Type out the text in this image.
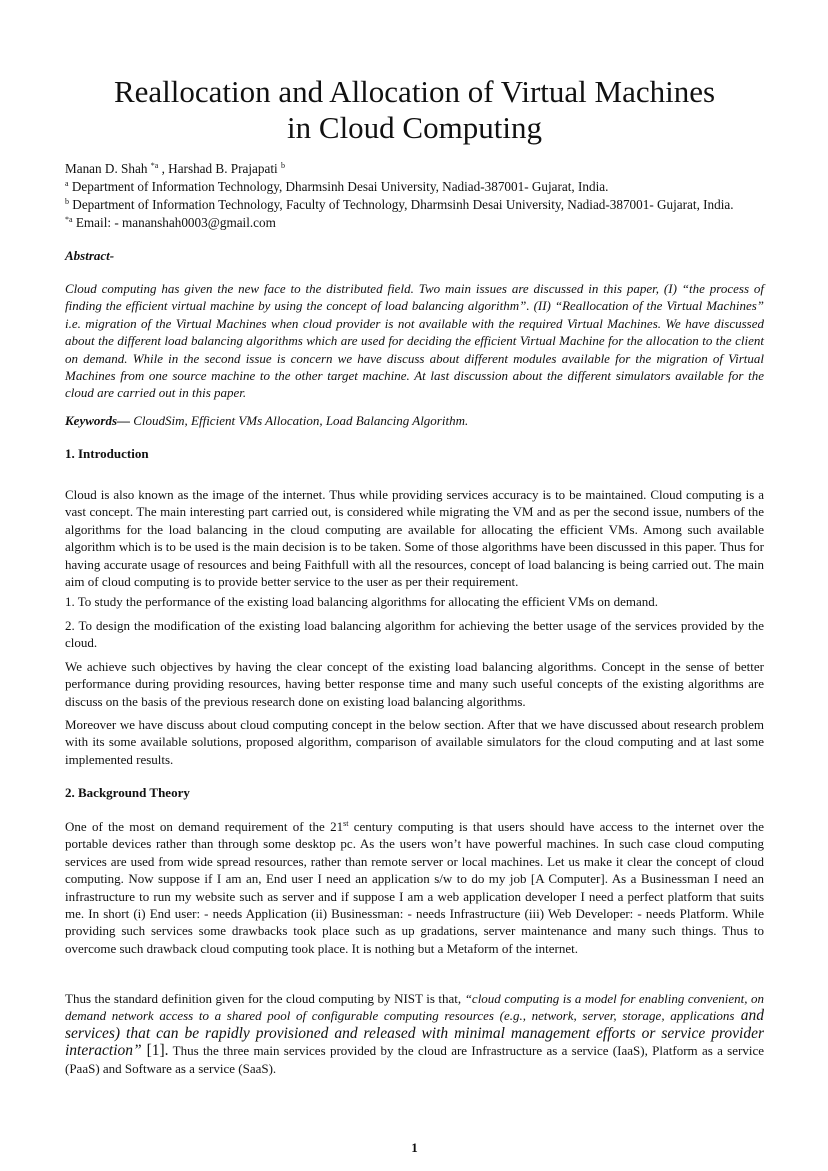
Reallocation and Allocation of Virtual Machines
in Cloud Computing
Manan D. Shah $^{*a}$ , Harshad B. Prajapati $^b$
$^a$ Department of Information Technology, Dharmsinh Desai University, Nadiad-387001- Gujarat, India.
$^b$ Department of Information Technology, Faculty of Technology, Dharmsinh Desai University, Nadiad-387001- Gujarat, India.
$^{*a}$ Email: - mananshah0003@gmail.com
Abstract-

Cloud computing has given the new face to the distributed field. Two main issues are discussed in this paper, (I) “the process of finding the efficient virtual machine by using the concept of load balancing algorithm”. (II) “Reallocation of the Virtual Machines” i.e. migration of the Virtual Machines when cloud provider is not available with the required Virtual Machines. We have discussed about the different load balancing algorithms which are used for deciding the efficient Virtual Machine for the allocation to the client on demand. While in the second issue is concern we have discuss about different modules available for the migration of Virtual Machines from one source machine to the other target machine. At last discussion about the different simulators available for the cloud are carried out in this paper.

Keywords— CloudSim, Efficient VMs Allocation, Load Balancing Algorithm.
1. Introduction

Cloud is also known as the image of the internet. Thus while providing services accuracy is to be maintained. Cloud computing is a vast concept. The main interesting part carried out, is considered while migrating the VM and as per the second issue, numbers of the algorithms for the load balancing in the cloud computing are available for allocating the efficient VMs. Among such available algorithm which is to be used is the main decision is to be taken. Some of those algorithms have been discussed in this paper. Thus for having accurate usage of resources and being Faithfull with all the resources, concept of load balancing is being carried out. The main aim of cloud computing is to provide better service to the user as per their requirement.

1. To study the performance of the existing load balancing algorithms for allocating the efficient VMs on demand.

2. To design the modification of the existing load balancing algorithm for achieving the better usage of the services provided by the cloud.

We achieve such objectives by having the clear concept of the existing load balancing algorithms. Concept in the sense of better performance during providing resources, having better response time and many such useful concepts of the existing algorithms are discuss on the basis of the previous research done on existing load balancing algorithms.

Moreover we have discuss about cloud computing concept in the below section. After that we have discussed about research problem with its some available solutions, proposed algorithm, comparison of available simulators for the cloud computing and at last some implemented results.

2. Background Theory

One of the most on demand requirement of the 21st century computing is that users should have access to the internet over the portable devices rather than through some desktop pc. As the users won’t have powerful machines. In such case cloud computing services are used from wide spread resources, rather than remote server or local machines. Let us make it clear the concept of cloud computing. Now suppose if I am an, End user I need an application s/w to do my job [A Computer]. As a Businessman I need an infrastructure to run my website such as server and if suppose I am a web application developer I need a perfect platform that suits me. In short (i) End user: - needs Application (ii) Businessman: - needs Infrastructure (iii) Web Developer: - needs Platform. While providing such services some drawbacks took place such as up gradations, server maintenance and many such things. Thus to overcome such drawback cloud computing took place. It is nothing but a Metaform of the internet.

Thus the standard definition given for the cloud computing by NIST is that, “cloud computing is a model for enabling convenient, on demand network access to a shared pool of configurable computing resources (e.g., network, server, storage, applications and services) that can be rapidly provisioned and released with minimal management efforts or service provider interaction” [1]. Thus the three main services provided by the cloud are Infrastructure as a service (IaaS), Platform as a service (PaaS) and Software as a service (SaaS).

1
